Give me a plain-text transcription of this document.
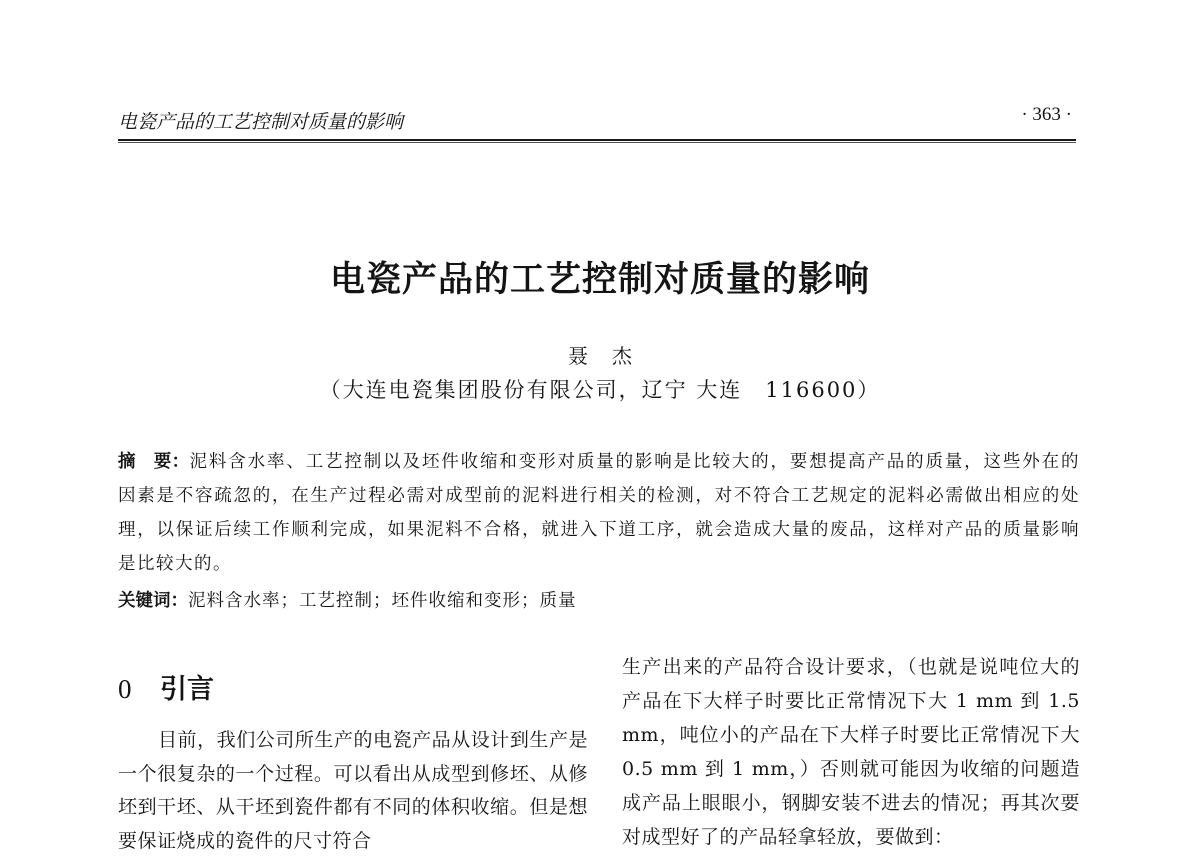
电瓷产品的工艺控制对质量的影响	· 363 ·
电瓷产品的工艺控制对质量的影响
聂杰
（大连电瓷集团股份有限公司，辽宁 大连　116600）
摘　要：泥料含水率、工艺控制以及坯件收缩和变形对质量的影响是比较大的，要想提高产品的质量，这些外在的因素是不容疏忽的，在生产过程必需对成型前的泥料进行相关的检测，对不符合工艺规定的泥料必需做出相应的处理，以保证后续工作顺利完成，如果泥料不合格，就进入下道工序，就会造成大量的废品，这样对产品的质量影响是比较大的。
关键词：泥料含水率；工艺控制；坯件收缩和变形；质量
0 引言

目前，我们公司所生产的电瓷产品从设计到生产是一个很复杂的一个过程。可以看出从成型到修坯、从修坯到干坯、从干坯到瓷件都有不同的体积收缩。但是想要保证烧成的瓷件的尺寸符合

生产出来的产品符合设计要求，（也就是说吨位大的产品在下大样子时要比正常情况下大 1 mm 到 1.5 mm，吨位小的产品在下大样子时要比正常情况下大 0.5 mm 到 1 mm，）否则就可能因为收缩的问题造成产品上眼眼小，钢脚安装不进去的情况；再其次要对成型好了的产品轻拿轻放，要做到：
